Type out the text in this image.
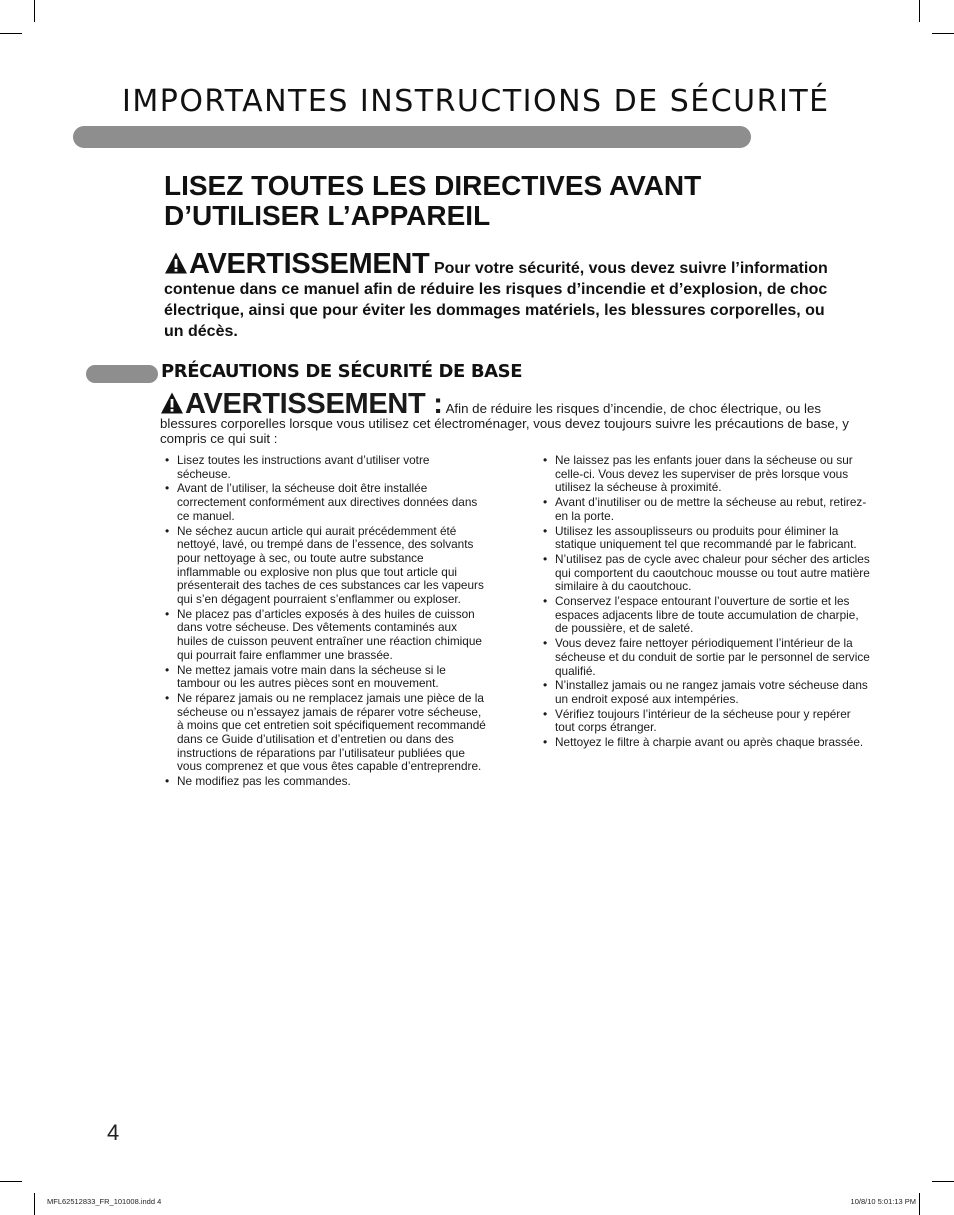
IMPORTANTES INSTRUCTIONS DE SÉCURITÉ
LISEZ TOUTES LES DIRECTIVES AVANT
D’UTILISER L’APPAREIL
AVERTISSEMENT Pour votre sécurité, vous devez suivre l’information contenue dans ce manuel afin de réduire les risques d’incendie et d’explosion, de choc électrique, ainsi que pour éviter les dommages matériels, les blessures corporelles, ou un décès.
PRÉCAUTIONS DE SÉCURITÉ DE BASE
AVERTISSEMENT : Afin de réduire les risques d’incendie, de choc électrique, ou les blessures corporelles lorsque vous utilisez cet électroménager, vous devez toujours suivre les précautions de base, y compris ce qui suit :
• Lisez toutes les instructions avant d’utiliser votre sécheuse.
• Avant de l’utiliser, la sécheuse doit être installée correctement conformément aux directives données dans ce manuel.
• Ne séchez aucun article qui aurait précédemment été nettoyé, lavé, ou trempé dans de l’essence, des solvants pour nettoyage à sec, ou toute autre substance inflammable ou explosive non plus que tout article qui présenterait des taches de ces substances car les vapeurs qui s’en dégagent pourraient s’enflammer ou exploser.
• Ne placez pas d’articles exposés à des huiles de cuisson dans votre sécheuse. Des vêtements contaminés aux huiles de cuisson peuvent entraîner une réaction chimique qui pourrait faire enflammer une brassée.
• Ne mettez jamais votre main dans la sécheuse si le tambour ou les autres pièces sont en mouvement.
• Ne réparez jamais ou ne remplacez jamais une pièce de la sécheuse ou n’essayez jamais de réparer votre sécheuse, à moins que cet entretien soit spécifiquement recommandé dans ce Guide d’utilisation et d’entretien ou dans des instructions de réparations par l’utilisateur publiées que vous comprenez et que vous êtes capable d’entreprendre.
• Ne modifiez pas les commandes.
• Ne laissez pas les enfants jouer dans la sécheuse ou sur celle-ci. Vous devez les superviser de près lorsque vous utilisez la sécheuse à proximité.
• Avant d’inutiliser ou de mettre la sécheuse au rebut, retirez-en la porte.
• Utilisez les assouplisseurs ou produits pour éliminer la statique uniquement tel que recommandé par le fabricant.
• N’utilisez pas de cycle avec chaleur pour sécher des articles qui comportent du caoutchouc mousse ou tout autre matière similaire à du caoutchouc.
• Conservez l’espace entourant l’ouverture de sortie et les espaces adjacents libre de toute accumulation de charpie, de poussière, et de saleté.
• Vous devez faire nettoyer périodiquement l’intérieur de la sécheuse et du conduit de sortie par le personnel de service qualifié.
• N’installez jamais ou ne rangez jamais votre sécheuse dans un endroit exposé aux intempéries.
• Vérifiez toujours l’intérieur de la sécheuse pour y repérer tout corps étranger.
• Nettoyez le filtre à charpie avant ou après chaque brassée.
4
MFL62512833_FR_101008.indd 4	10/8/10 5:01:13 PM
